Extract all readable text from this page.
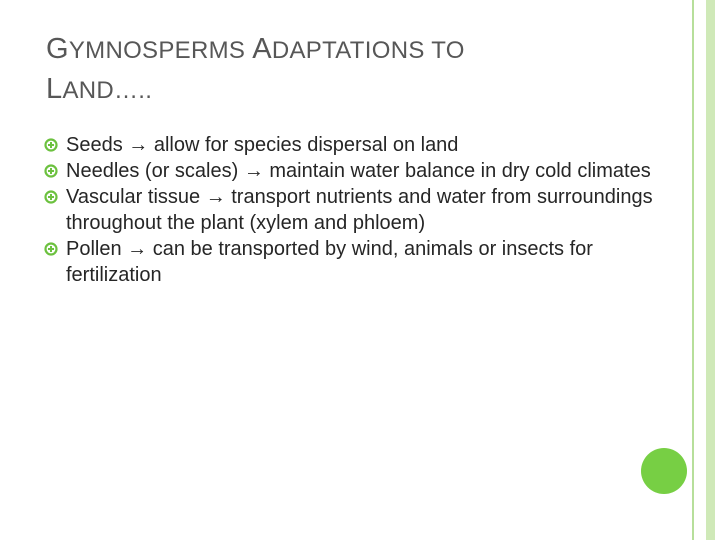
GYMNOSPERMS ADAPTATIONS TO
LAND…..
Seeds → allow for species dispersal on land
Needles (or scales) → maintain water balance in dry cold climates
Vascular tissue → transport nutrients and water from surroundings throughout the plant (xylem and phloem)
Pollen → can be transported by wind, animals or insects for fertilization
